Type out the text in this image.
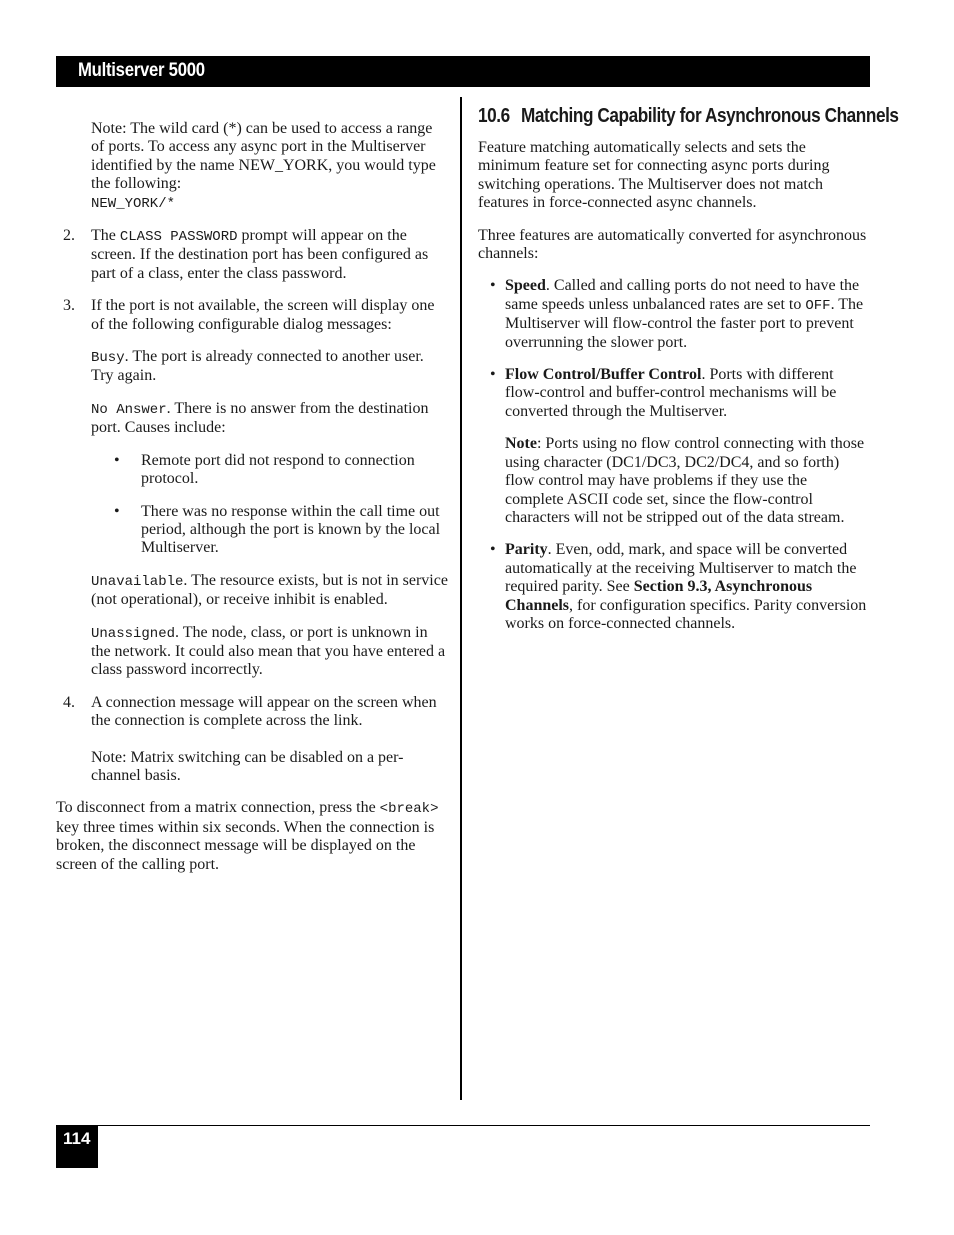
Multiserver 5000

Note: The wild card (*) can be used to access a range of ports. To access any async port in the Multiserver identified by the name NEW_YORK, you would type the following:
NEW_YORK/*

2. The CLASS PASSWORD prompt will appear on the screen. If the destination port has been configured as part of a class, enter the class password.
3. If the port is not available, the screen will display one of the following configurable dialog messages:

Busy. The port is already connected to another user. Try again.

No Answer. There is no answer from the destination port. Causes include:

• Remote port did not respond to connection protocol.
• There was no response within the call time out period, although the port is known by the local Multiserver.

Unavailable. The resource exists, but is not in service (not operational), or receive inhibit is enabled.

Unassigned. The node, class, or port is unknown in the network. It could also mean that you have entered a class password incorrectly.

4. A connection message will appear on the screen when the connection is complete across the link.

Note: Matrix switching can be disabled on a per-channel basis.

To disconnect from a matrix connection, press the <break> key three times within six seconds. When the connection is broken, the disconnect message will be displayed on the screen of the calling port.

10.6 Matching Capability for Asynchronous Channels

Feature matching automatically selects and sets the minimum feature set for connecting async ports during switching operations. The Multiserver does not match features in force-connected async channels.

Three features are automatically converted for asynchronous channels:

• Speed. Called and calling ports do not need to have the same speeds unless unbalanced rates are set to OFF. The Multiserver will flow-control the faster port to prevent overrunning the slower port.
• Flow Control/Buffer Control. Ports with different flow-control and buffer-control mechanisms will be converted through the Multiserver.

Note: Ports using no flow control connecting with those using character (DC1/DC3, DC2/DC4, and so forth) flow control may have problems if they use the complete ASCII code set, since the flow-control characters will not be stripped out of the data stream.

• Parity. Even, odd, mark, and space will be converted automatically at the receiving Multiserver to match the required parity. See Section 9.3, Asynchronous Channels, for configuration specifics. Parity conversion works on force-connected channels.
114
